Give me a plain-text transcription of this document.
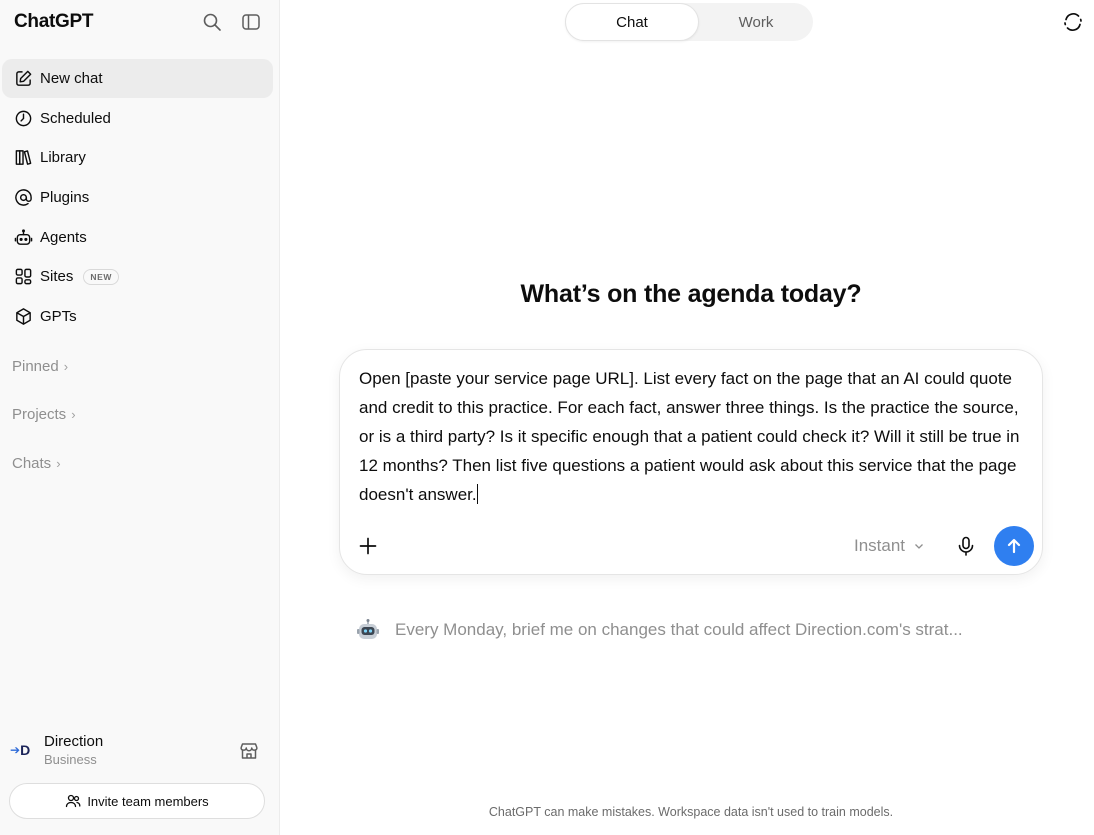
ChatGPT
New chat
Scheduled
Library
Plugins
Agents
Sites	NEW
GPTs
Pinned ›
Projects ›
Chats ›
➔ D Direction
Business
Invite team members
Chat	Work
What’s on the agenda today?
Open [paste your service page URL]. List every fact on the page that an AI could quote and credit to this practice. For each fact, answer three things. Is the practice the source, or is a third party? Is it specific enough that a patient could check it? Will it still be true in 12 months? Then list five questions a patient would ask about this service that the page doesn't answer.
Instant
Every Monday, brief me on changes that could affect Direction.com's strat...
ChatGPT can make mistakes. Workspace data isn't used to train models.
